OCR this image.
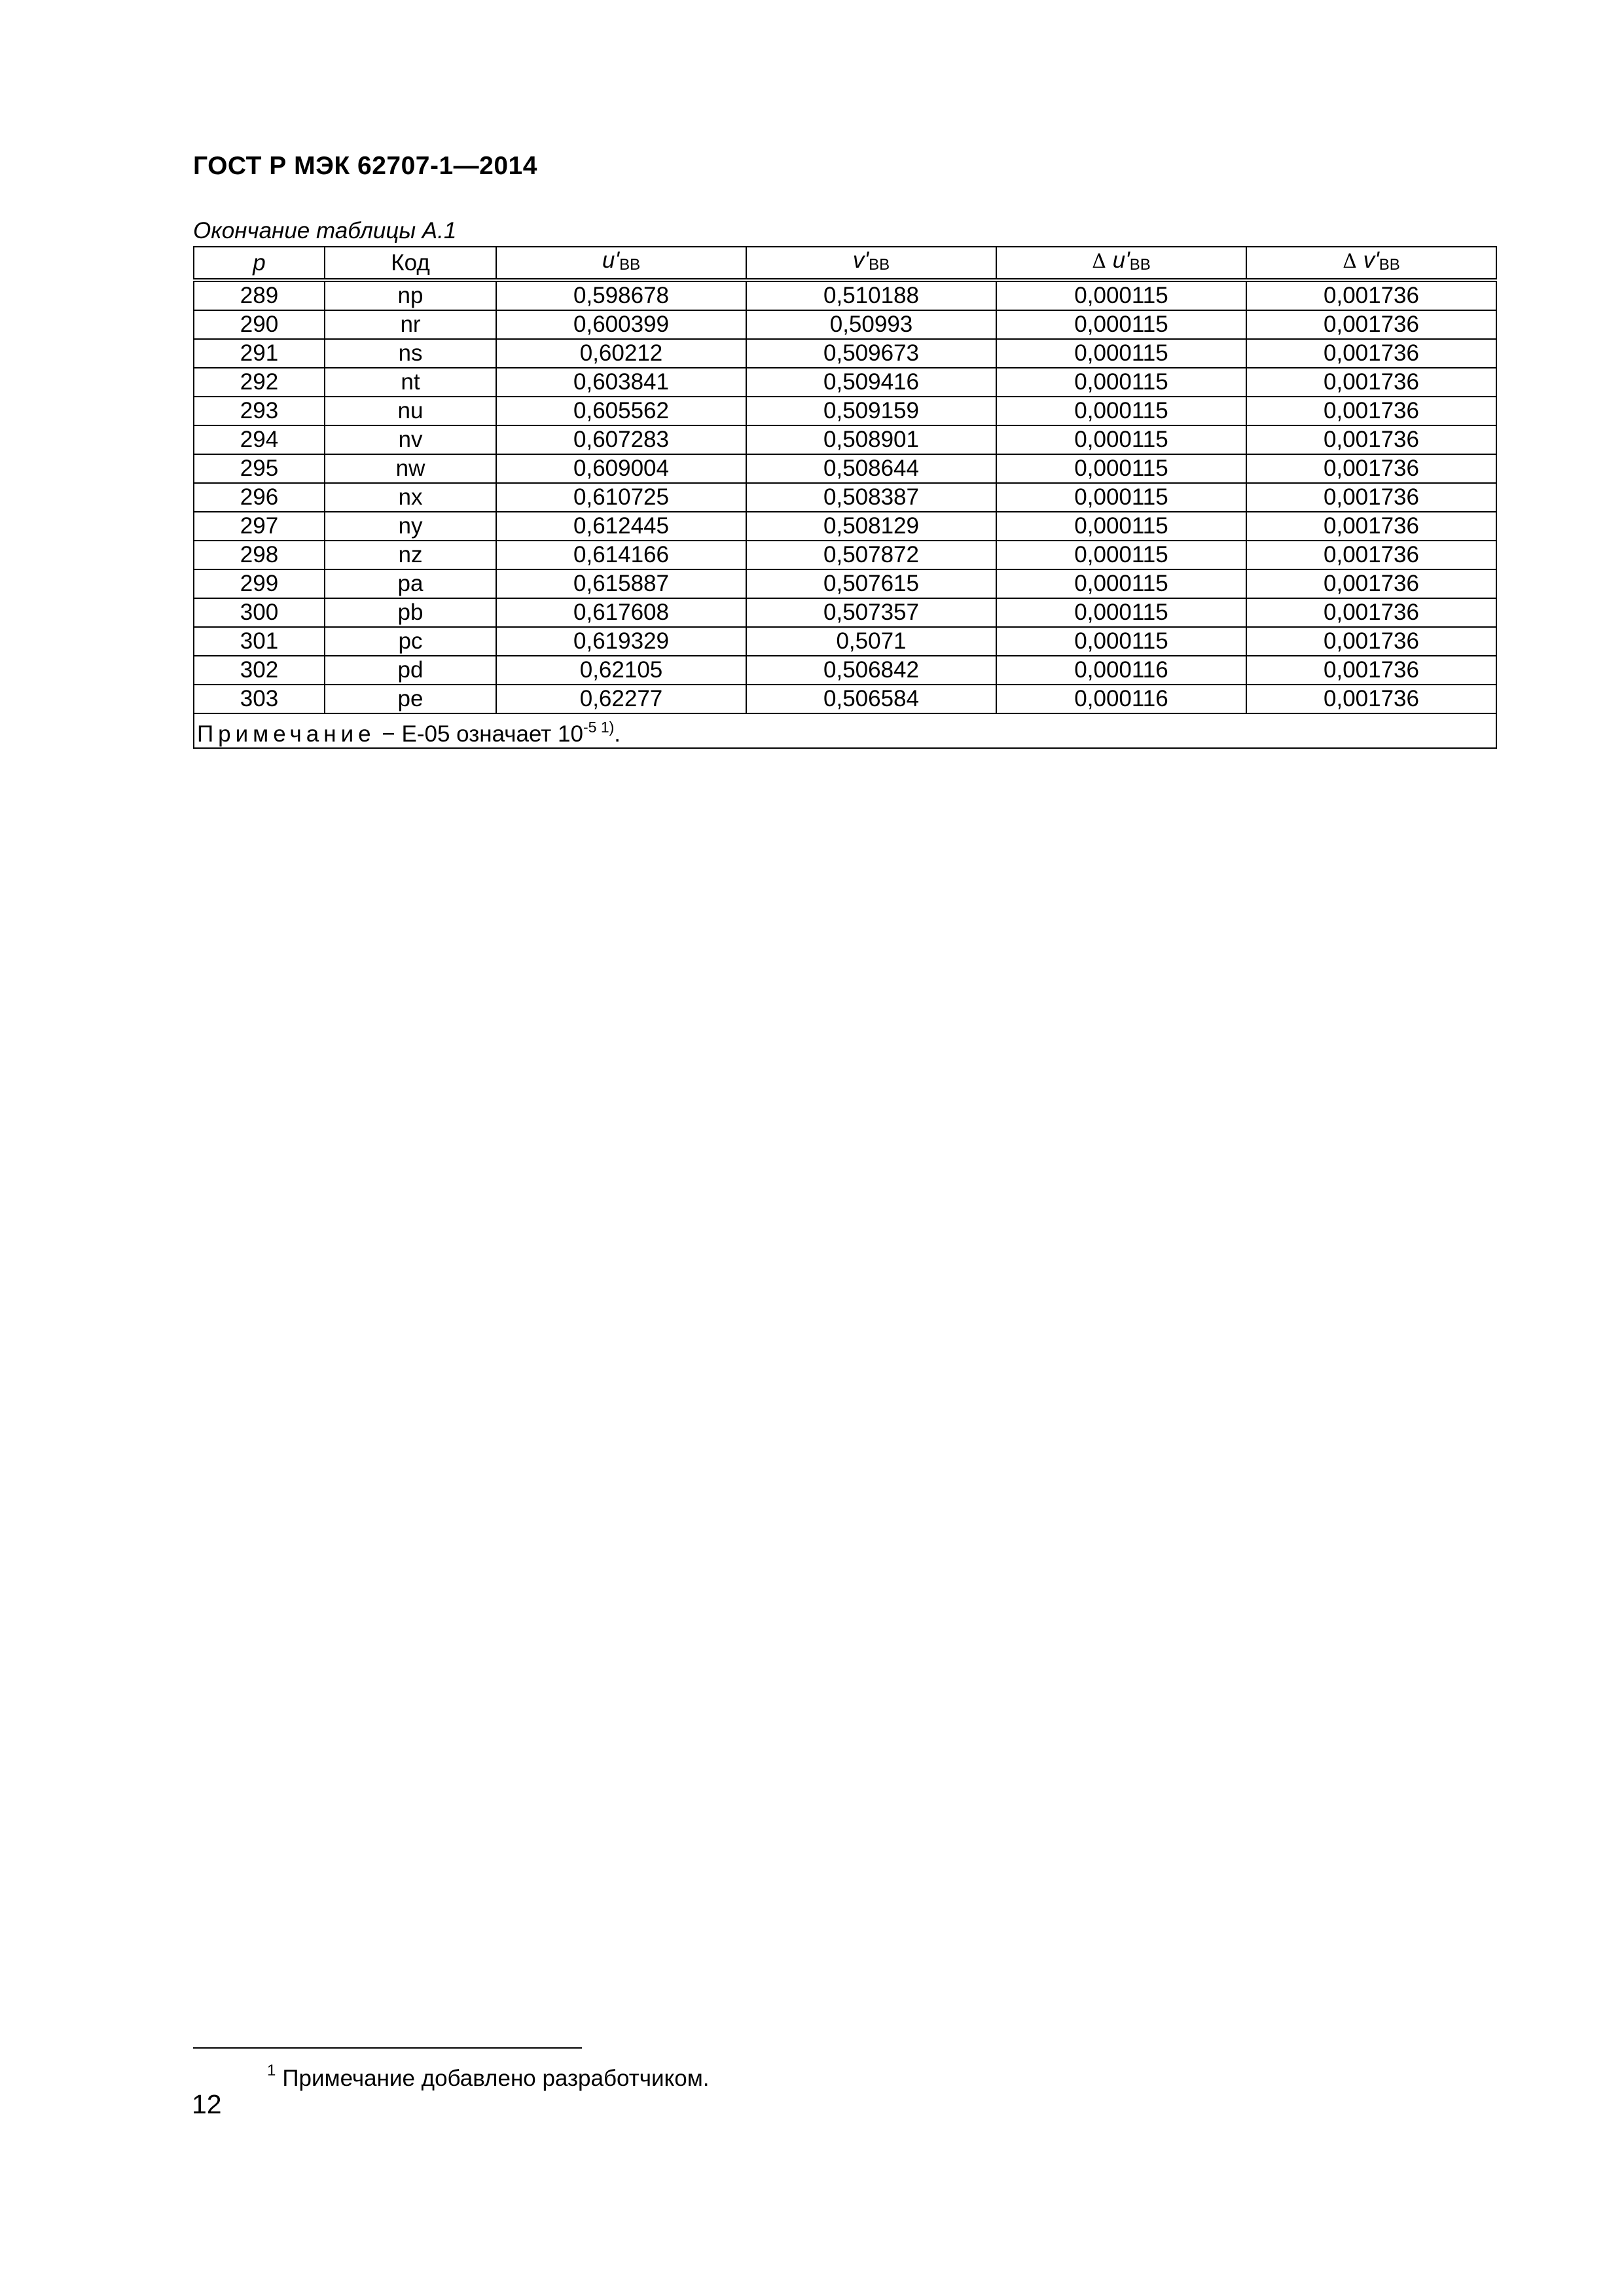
ГОСТ Р МЭК 62707-1—2014
Окончание таблицы А.1
p	Код	u'BB	v'BB	Δ u'BB	Δ v'BB
289	np	0,598678	0,510188	0,000115	0,001736
290	nr	0,600399	0,50993	0,000115	0,001736
291	ns	0,60212	0,509673	0,000115	0,001736
292	nt	0,603841	0,509416	0,000115	0,001736
293	nu	0,605562	0,509159	0,000115	0,001736
294	nv	0,607283	0,508901	0,000115	0,001736
295	nw	0,609004	0,508644	0,000115	0,001736
296	nx	0,610725	0,508387	0,000115	0,001736
297	ny	0,612445	0,508129	0,000115	0,001736
298	nz	0,614166	0,507872	0,000115	0,001736
299	pa	0,615887	0,507615	0,000115	0,001736
300	pb	0,617608	0,507357	0,000115	0,001736
301	pc	0,619329	0,5071	0,000115	0,001736
302	pd	0,62105	0,506842	0,000116	0,001736
303	pe	0,62277	0,506584	0,000116	0,001736
Примечание − E-05 означает $10^{-5 1)}$.					
$^1$ Примечание добавлено разработчиком.
12
